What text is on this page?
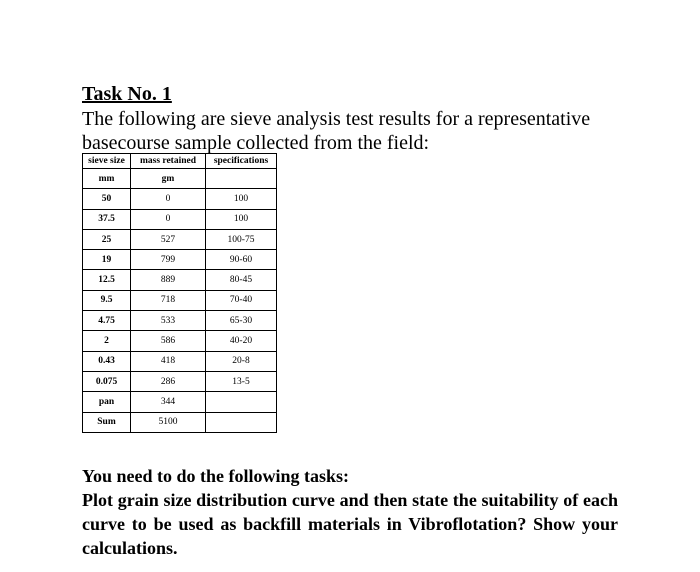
Task No. 1
The following are sieve analysis test results for a representative basecourse sample collected from the field:
sieve size	mass retained	specifications
mm	gm	
50	0	100
37.5	0	100
25	527	100-75
19	799	90-60
12.5	889	80-45
9.5	718	70-40
4.75	533	65-30
2	586	40-20
0.43	418	20-8
0.075	286	13-5
pan	344	
Sum	5100	
You need to do the following tasks:
Plot grain size distribution curve and then state the suitability of each curve to be used as backfill materials in Vibroflotation? Show your calculations.
